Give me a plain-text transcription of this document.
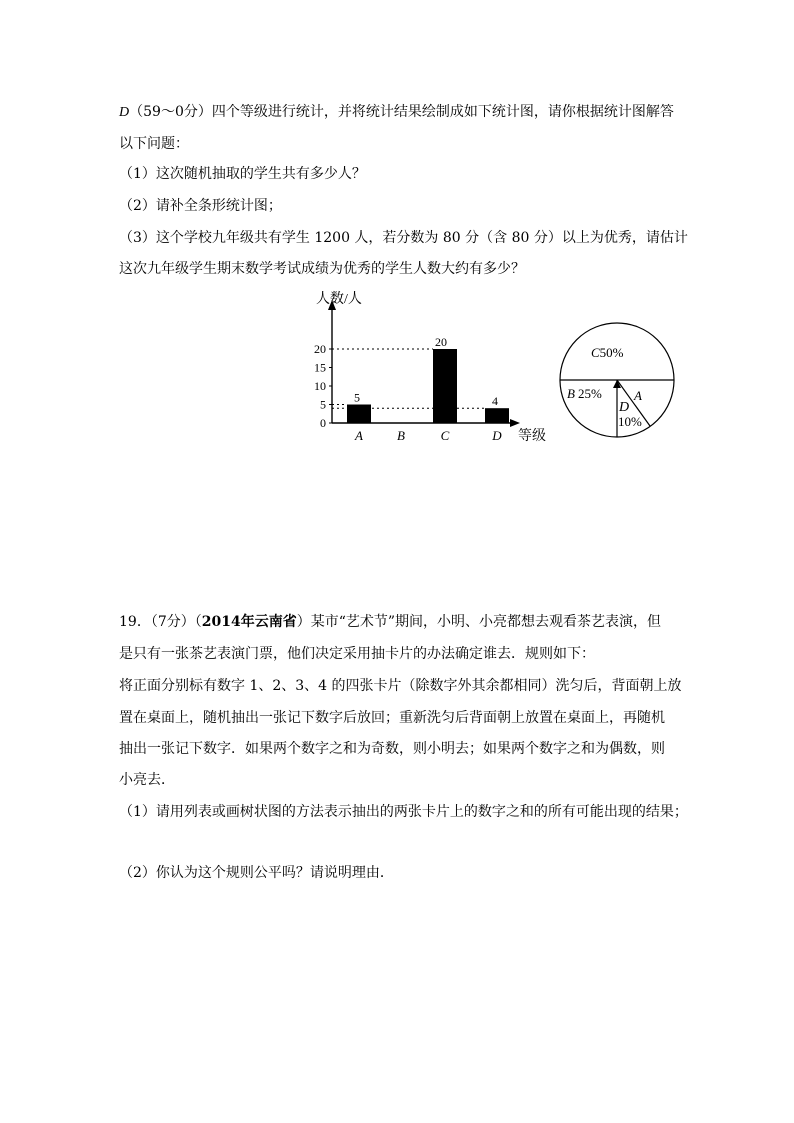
D（59～0分）四个等级进行统计，并将统计结果绘制成如下统计图，请你根据统计图解答
以下问题：
（1）这次随机抽取的学生共有多少人？
（2）请补全条形统计图；
（3）这个学校九年级共有学生 1200 人，若分数为 80 分（含 80 分）以上为优秀，请估计
这次九年级学生期末数学考试成绩为优秀的学生人数大约有多少？
人数/人
等级
0
5
10
15
20
5
A	B
20
C
4
D
C50%
B 25%
D
10%
A
19．（7分）（2014年云南省）某市“艺术节”期间，小明、小亮都想去观看茶艺表演，但
是只有一张茶艺表演门票，他们决定采用抽卡片的办法确定谁去．规则如下：
将正面分别标有数字 1、2、3、4 的四张卡片（除数字外其余都相同）洗匀后，背面朝上放
置在桌面上，随机抽出一张记下数字后放回；重新洗匀后背面朝上放置在桌面上，再随机
抽出一张记下数字．如果两个数字之和为奇数，则小明去；如果两个数字之和为偶数，则
小亮去．
（1）请用列表或画树状图的方法表示抽出的两张卡片上的数字之和的所有可能出现的结果；
（2）你认为这个规则公平吗？请说明理由．
